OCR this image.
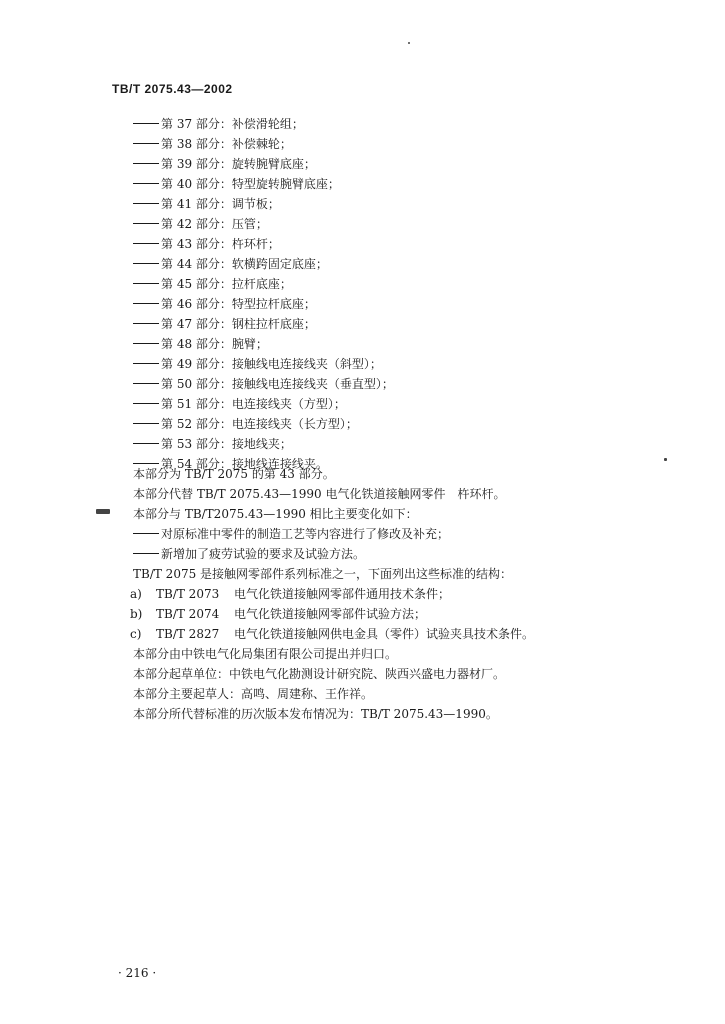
TB/T 2075.43—2002
第 37 部分：补偿滑轮组；
第 38 部分：补偿棘轮；
第 39 部分：旋转腕臂底座；
第 40 部分：特型旋转腕臂底座；
第 41 部分：调节板；
第 42 部分：压管；
第 43 部分：杵环杆；
第 44 部分：软横跨固定底座；
第 45 部分：拉杆底座；
第 46 部分：特型拉杆底座；
第 47 部分：钢柱拉杆底座；
第 48 部分：腕臂；
第 49 部分：接触线电连接线夹（斜型）；
第 50 部分：接触线电连接线夹（垂直型）；
第 51 部分：电连接线夹（方型）；
第 52 部分：电连接线夹（长方型）；
第 53 部分：接地线夹；
第 54 部分：接地线连接线夹。
本部分为 TB/T 2075 的第 43 部分。
本部分代替 TB/T 2075.43—1990 电气化铁道接触网零件　杵环杆。
本部分与 TB/T2075.43—1990 相比主要变化如下：
对原标准中零件的制造工艺等内容进行了修改及补充；
新增加了疲劳试验的要求及试验方法。
TB/T 2075 是接触网零部件系列标准之一，下面列出这些标准的结构：
a) TB/T 2073 电气化铁道接触网零部件通用技术条件；
b) TB/T 2074 电气化铁道接触网零部件试验方法；
c) TB/T 2827 电气化铁道接触网供电金具（零件）试验夹具技术条件。
本部分由中铁电气化局集团有限公司提出并归口。
本部分起草单位：中铁电气化勘测设计研究院、陕西兴盛电力器材厂。
本部分主要起草人：高鸣、周建称、王作祥。
本部分所代替标准的历次版本发布情况为：TB/T 2075.43—1990。
· 216 ·
